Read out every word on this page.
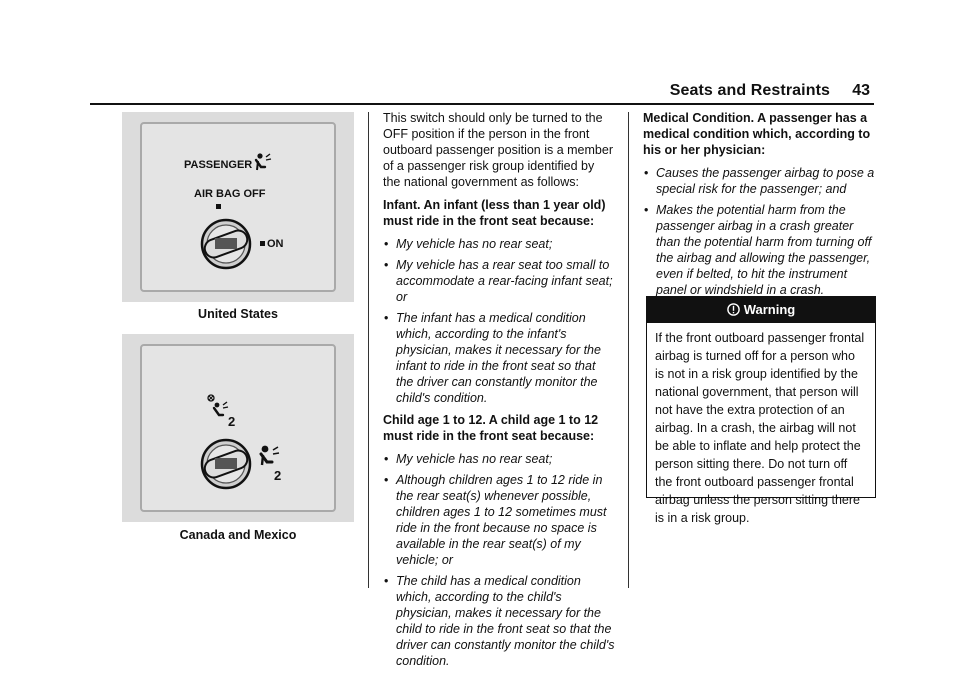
Seats and Restraints 43
PASSENGER
AIR BAG OFF
ON
United States
2
2
Canada and Mexico

This switch should only be turned to the OFF position if the person in the front outboard passenger position is a member of a passenger risk group identified by the national government as follows:

Infant. An infant (less than 1 year old) must ride in the front seat because:

• My vehicle has no rear seat;
• My vehicle has a rear seat too small to accommodate a rear-facing infant seat; or
• The infant has a medical condition which, according to the infant's physician, makes it necessary for the infant to ride in the front seat so that the driver can constantly monitor the child's condition.

Child age 1 to 12. A child age 1 to 12 must ride in the front seat because:

• My vehicle has no rear seat;
• Although children ages 1 to 12 ride in the rear seat(s) whenever possible, children ages 1 to 12 sometimes must ride in the front because no space is available in the rear seat(s) of my vehicle; or
• The child has a medical condition which, according to the child's physician, makes it necessary for the child to ride in the front seat so that the driver can constantly monitor the child's condition.

Medical Condition. A passenger has a medical condition which, according to his or her physician:

• Causes the passenger airbag to pose a special risk for the passenger; and
• Makes the potential harm from the passenger airbag in a crash greater than the potential harm from turning off the airbag and allowing the passenger, even if belted, to hit the instrument panel or windshield in a crash.
Warning
If the front outboard passenger frontal airbag is turned off for a person who is not in a risk group identified by the national government, that person will not have the extra protection of an airbag. In a crash, the airbag will not be able to inflate and help protect the person sitting there. Do not turn off the front outboard passenger frontal airbag unless the person sitting there is in a risk group.
